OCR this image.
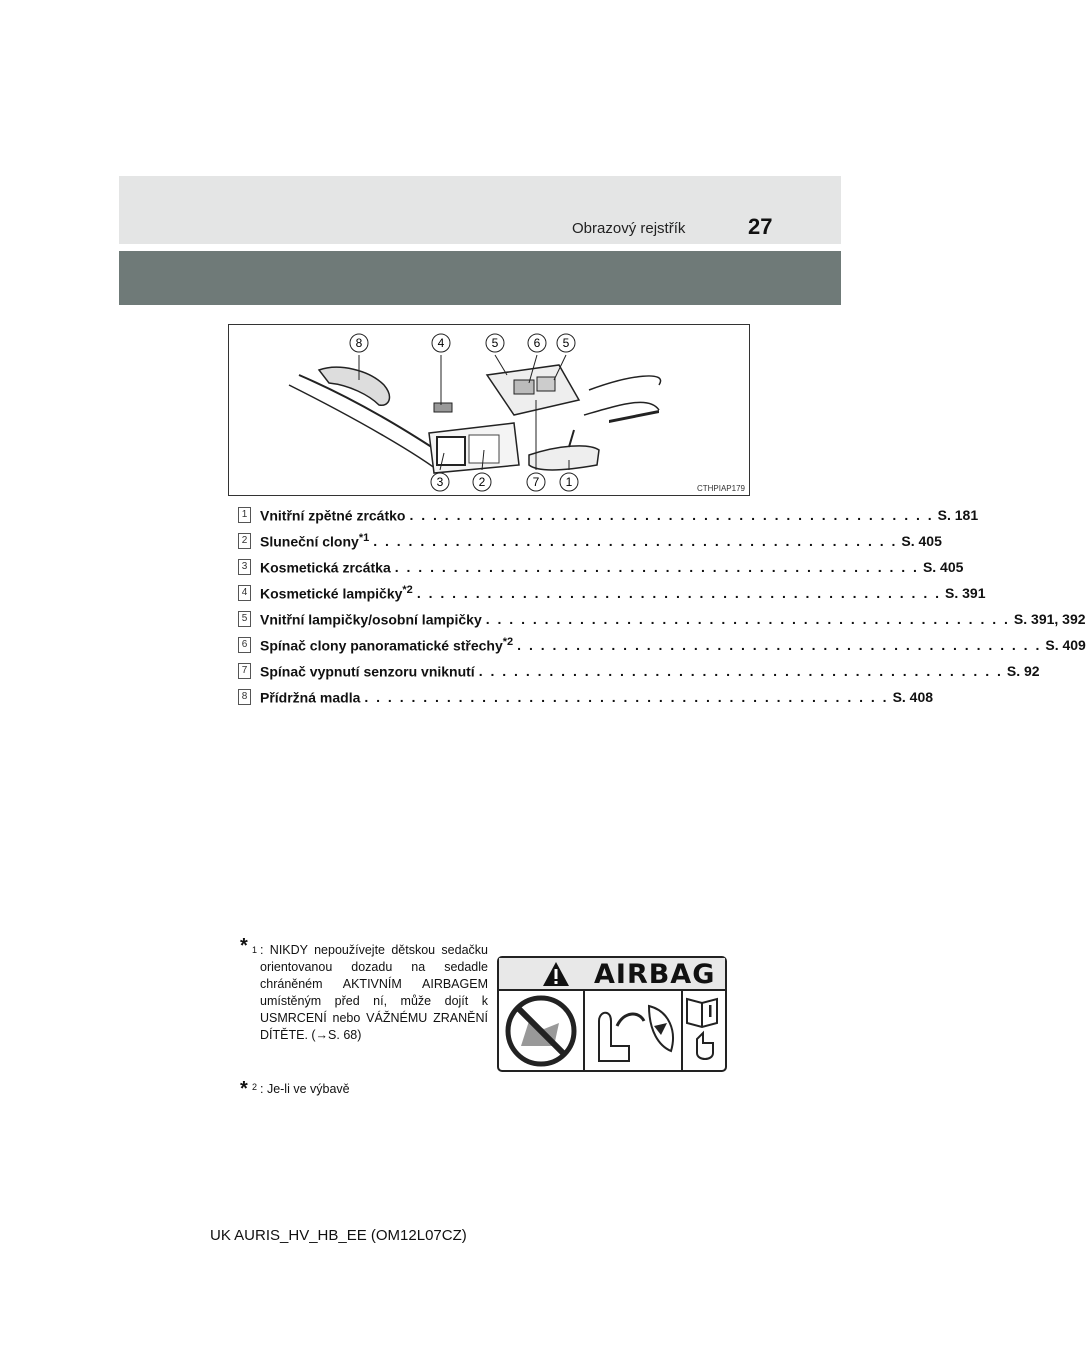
Obrazový rejstřík	27
8	4	5	6 5
3	2	7 1	CTHPIAP179
1 Vnitřní zpětné zrcátko . . . . . . . . . . . . . . . . . . . . . . . . . . . . . . . . . . . . . . . . . . . . . S. 181
2 Sluneční clony$^{*1}$ . . . . . . . . . . . . . . . . . . . . . . . . . . . . . . . . . . . . . . . . . . . . . S. 405
3 Kosmetická zrcátka . . . . . . . . . . . . . . . . . . . . . . . . . . . . . . . . . . . . . . . . . . . . . S. 405
4 Kosmetické lampičky$^{*2}$ . . . . . . . . . . . . . . . . . . . . . . . . . . . . . . . . . . . . . . . . . . . . . S. 391
5 Vnitřní lampičky/osobní lampičky . . . . . . . . . . . . . . . . . . . . . . . . . . . . . . . . . . . . . . . . . . . . . S. 391, 392
6 Spínač clony panoramatické střechy$^{*2}$ . . . . . . . . . . . . . . . . . . . . . . . . . . . . . . . . . . . . . . . . . . . . . S. 409
7 Spínač vypnutí senzoru vniknutí . . . . . . . . . . . . . . . . . . . . . . . . . . . . . . . . . . . . . . . . . . . . . S. 92
8 Přídržná madla . . . . . . . . . . . . . . . . . . . . . . . . . . . . . . . . . . . . . . . . . . . . . S. 408
* 1 : NIKDY nepoužívejte dětskou sedačku orientovanou dozadu na sedadle chráněném AKTIVNÍM AIRBAGEM umístěným před ní, může dojít k USMRCENÍ nebo VÁŽNÉMU ZRANĚNÍ DÍTĚTE. (→S. 68)
* 2 : Je-li ve výbavě
AIRBAG
UK AURIS_HV_HB_EE (OM12L07CZ)
